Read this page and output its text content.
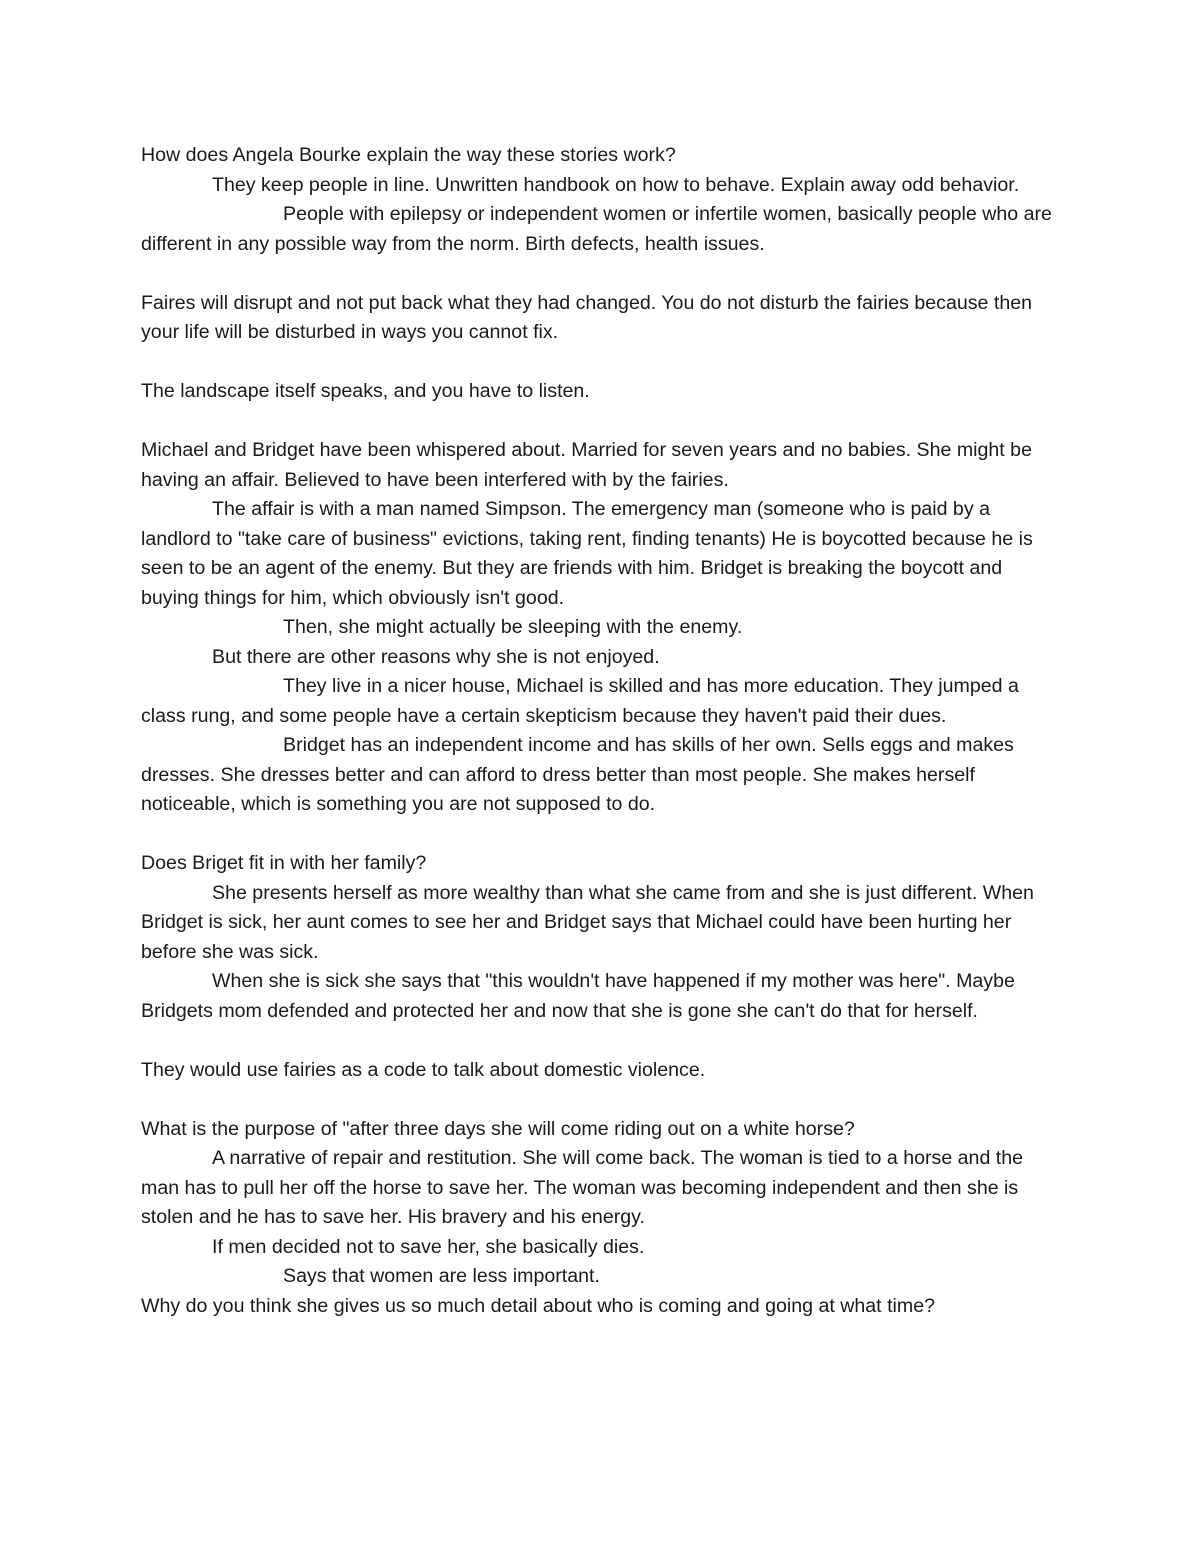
How does Angela Bourke explain the way these stories work?

They keep people in line. Unwritten handbook on how to behave. Explain away odd behavior.

People with epilepsy or independent women or infertile women, basically people who are different in any possible way from the norm. Birth defects, health issues.

Faires will disrupt and not put back what they had changed. You do not disturb the fairies because then your life will be disturbed in ways you cannot fix.

The landscape itself speaks, and you have to listen.

Michael and Bridget have been whispered about. Married for seven years and no babies. She might be having an affair. Believed to have been interfered with by the fairies.

The affair is with a man named Simpson. The emergency man (someone who is paid by a landlord to "take care of business" evictions, taking rent, finding tenants) He is boycotted because he is seen to be an agent of the enemy. But they are friends with him. Bridget is breaking the boycott and buying things for him, which obviously isn't good.

Then, she might actually be sleeping with the enemy.

But there are other reasons why she is not enjoyed.

They live in a nicer house, Michael is skilled and has more education. They jumped a class rung, and some people have a certain skepticism because they haven't paid their dues.

Bridget has an independent income and has skills of her own. Sells eggs and makes dresses. She dresses better and can afford to dress better than most people. She makes herself noticeable, which is something you are not supposed to do.

Does Briget fit in with her family?

She presents herself as more wealthy than what she came from and she is just different. When Bridget is sick, her aunt comes to see her and Bridget says that Michael could have been hurting her before she was sick.

When she is sick she says that "this wouldn't have happened if my mother was here". Maybe Bridgets mom defended and protected her and now that she is gone she can't do that for herself.

They would use fairies as a code to talk about domestic violence.

What is the purpose of "after three days she will come riding out on a white horse?

A narrative of repair and restitution. She will come back. The woman is tied to a horse and the man has to pull her off the horse to save her. The woman was becoming independent and then she is stolen and he has to save her. His bravery and his energy.

If men decided not to save her, she basically dies.

Says that women are less important.

Why do you think she gives us so much detail about who is coming and going at what time?
